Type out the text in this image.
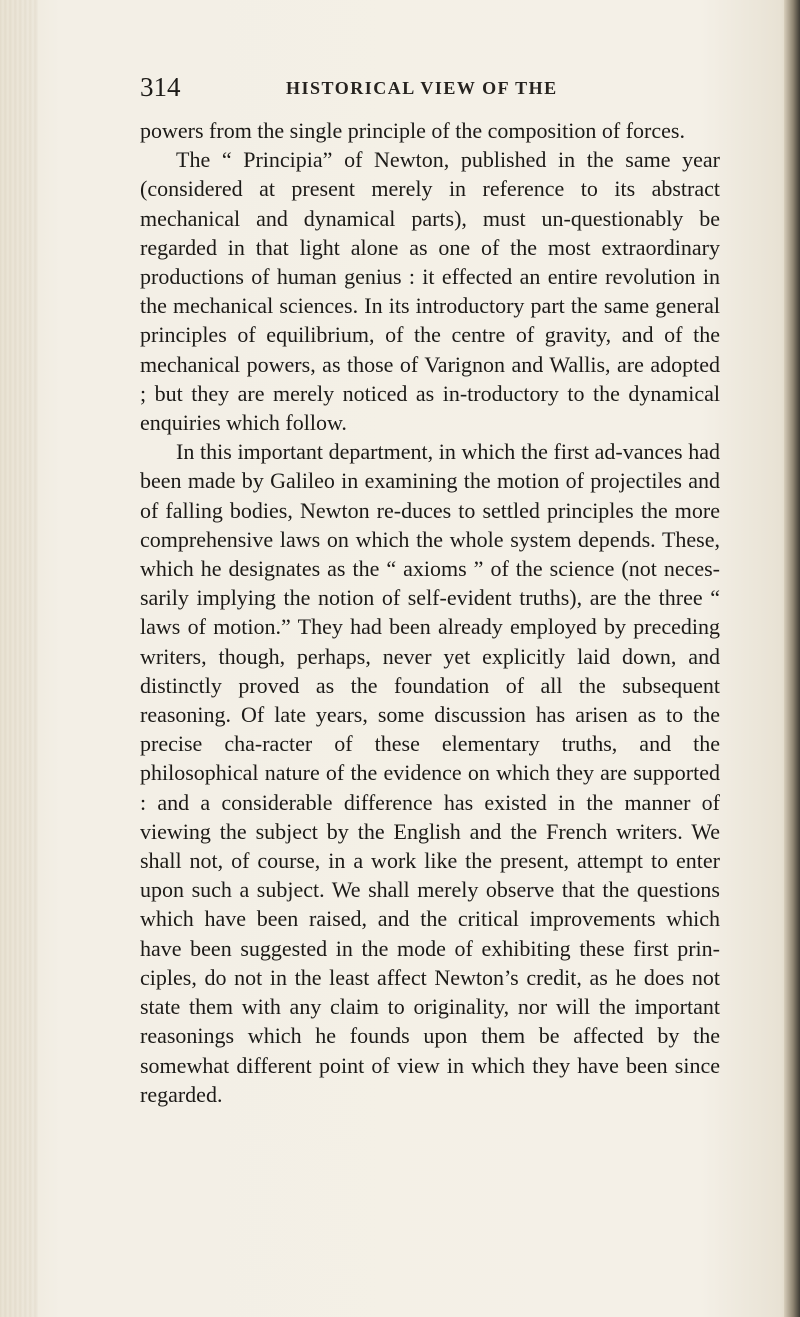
314	HISTORICAL VIEW OF THE

powers from the single principle of the composition of forces.

The “ Principia” of Newton, published in the same year (considered at present merely in reference to its abstract mechanical and dynamical parts), must un-questionably be regarded in that light alone as one of the most extraordinary productions of human genius : it effected an entire revolution in the mechanical sciences. In its introductory part the same general principles of equilibrium, of the centre of gravity, and of the mechanical powers, as those of Varignon and Wallis, are adopted ; but they are merely noticed as in-troductory to the dynamical enquiries which follow.

In this important department, in which the first ad-vances had been made by Galileo in examining the motion of projectiles and of falling bodies, Newton re-duces to settled principles the more comprehensive laws on which the whole system depends. These, which he designates as the “ axioms ” of the science (not neces-sarily implying the notion of self-evident truths), are the three “ laws of motion.” They had been already employed by preceding writers, though, perhaps, never yet explicitly laid down, and distinctly proved as the foundation of all the subsequent reasoning. Of late years, some discussion has arisen as to the precise cha-racter of these elementary truths, and the philosophical nature of the evidence on which they are supported : and a considerable difference has existed in the manner of viewing the subject by the English and the French writers. We shall not, of course, in a work like the present, attempt to enter upon such a subject. We shall merely observe that the questions which have been raised, and the critical improvements which have been suggested in the mode of exhibiting these first prin-ciples, do not in the least affect Newton’s credit, as he does not state them with any claim to originality, nor will the important reasonings which he founds upon them be affected by the somewhat different point of view in which they have been since regarded.
